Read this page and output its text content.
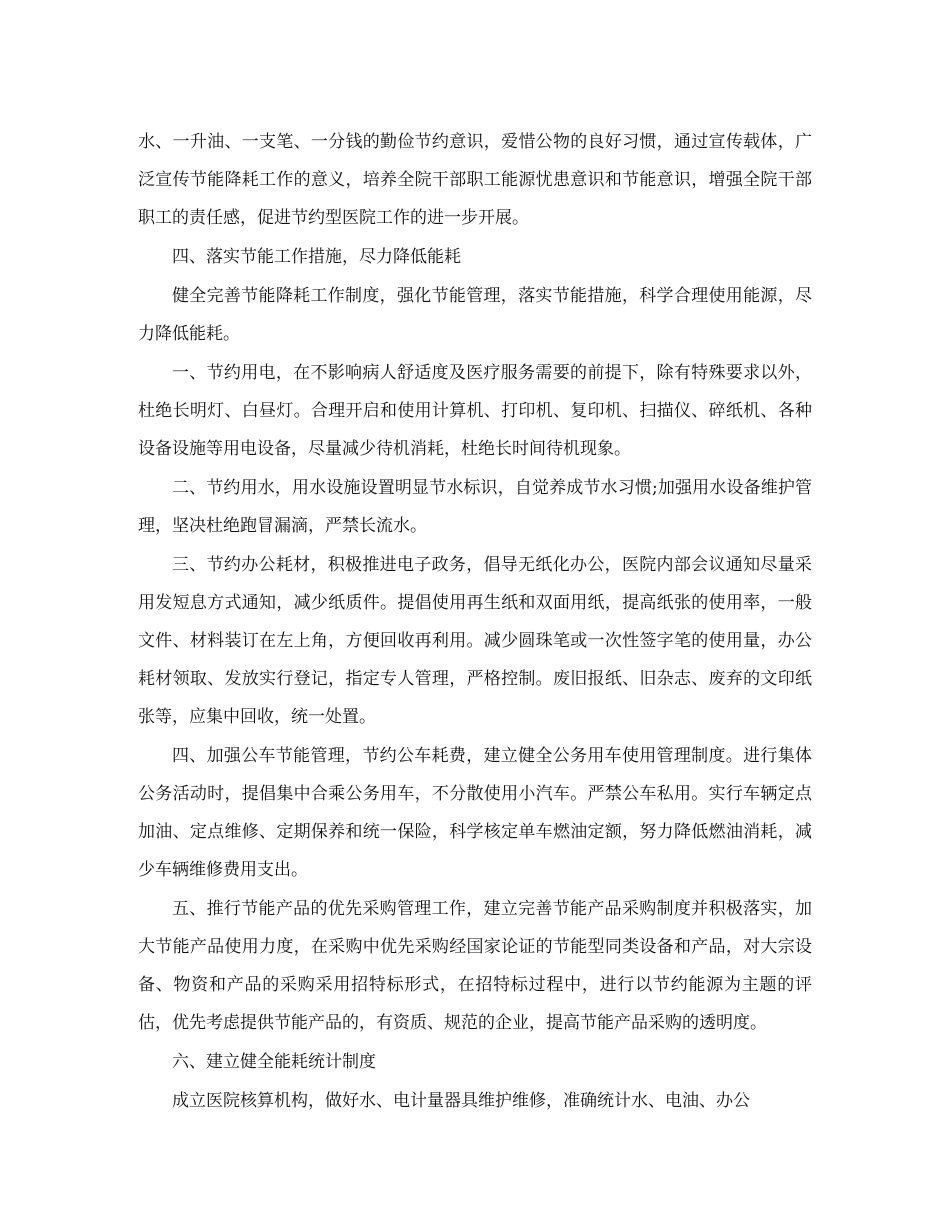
水、一升油、一支笔、一分钱的勤俭节约意识，爱惜公物的良好习惯，通过宣传载体，广泛宣传节能降耗工作的意义，培养全院干部职工能源忧患意识和节能意识，增强全院干部职工的责任感，促进节约型医院工作的进一步开展。

四、落实节能工作措施，尽力降低能耗

健全完善节能降耗工作制度，强化节能管理，落实节能措施，科学合理使用能源，尽力降低能耗。

一、节约用电，在不影响病人舒适度及医疗服务需要的前提下，除有特殊要求以外，杜绝长明灯、白昼灯。合理开启和使用计算机、打印机、复印机、扫描仪、碎纸机、各种设备设施等用电设备，尽量减少待机消耗，杜绝长时间待机现象。

二、节约用水，用水设施设置明显节水标识，自觉养成节水习惯;加强用水设备维护管理，坚决杜绝跑冒漏滴，严禁长流水。

三、节约办公耗材，积极推进电子政务，倡导无纸化办公，医院内部会议通知尽量采用发短息方式通知，减少纸质件。提倡使用再生纸和双面用纸，提高纸张的使用率，一般文件、材料装订在左上角，方便回收再利用。减少圆珠笔或一次性签字笔的使用量，办公耗材领取、发放实行登记，指定专人管理，严格控制。废旧报纸、旧杂志、废弃的文印纸张等，应集中回收，统一处置。

四、加强公车节能管理，节约公车耗费，建立健全公务用车使用管理制度。进行集体公务活动时，提倡集中合乘公务用车，不分散使用小汽车。严禁公车私用。实行车辆定点加油、定点维修、定期保养和统一保险，科学核定单车燃油定额，努力降低燃油消耗，减少车辆维修费用支出。

五、推行节能产品的优先采购管理工作，建立完善节能产品采购制度并积极落实，加大节能产品使用力度，在采购中优先采购经国家论证的节能型同类设备和产品，对大宗设备、物资和产品的采购采用招特标形式，在招特标过程中，进行以节约能源为主题的评估，优先考虑提供节能产品的，有资质、规范的企业，提高节能产品采购的透明度。

六、建立健全能耗统计制度

成立医院核算机构，做好水、电计量器具维护维修，准确统计水、电油、办公
